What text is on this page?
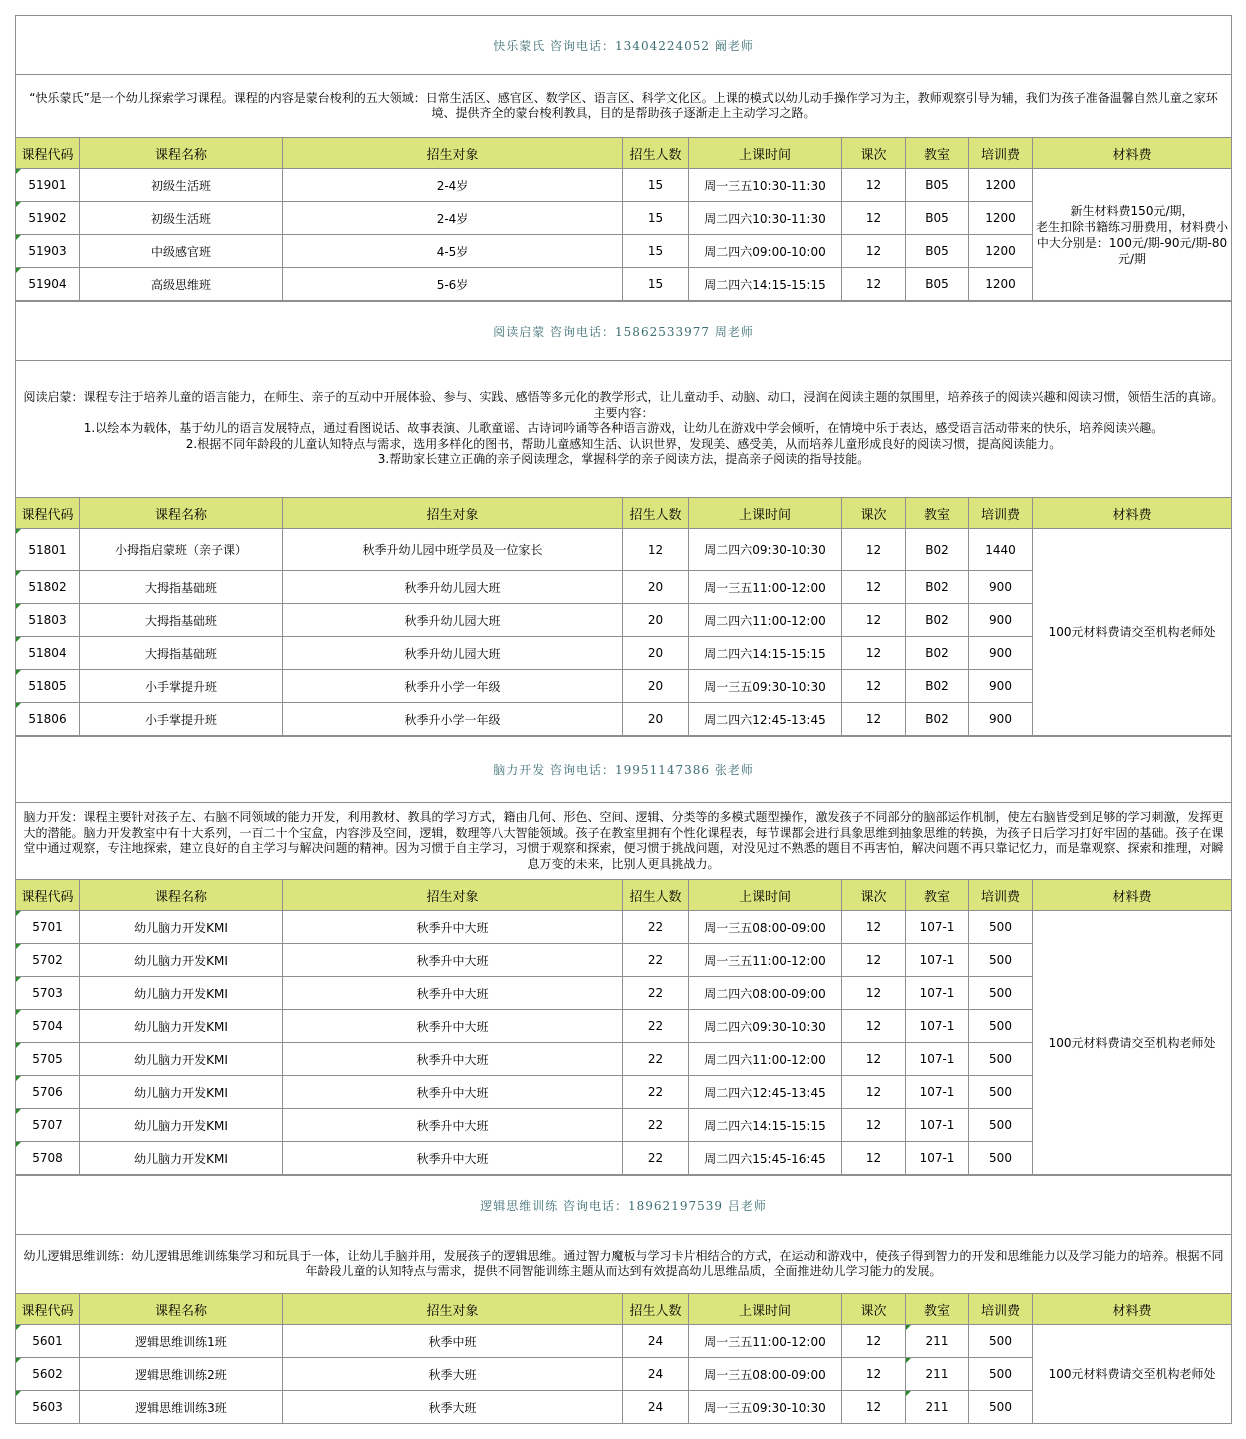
快乐蒙氏 咨询电话：13404224052 阚老师								
“快乐蒙氏”是一个幼儿探索学习课程。课程的内容是蒙台梭利的五大领域：日常生活区、感官区、数学区、语言区、科学文化区。上课的模式以幼儿动手操作学习为主，教师观察引导为辅，我们为孩子准备温馨自然儿童之家环境、提供齐全的蒙台梭利教具，目的是帮助孩子逐渐走上主动学习之路。								
课程代码	课程名称	招生对象	招生人数	上课时间	课次	教室	培训费	材料费
51901	初级生活班	2-4岁	15	周一三五10:30-11:30	12	B05	1200	新生材料费150元/期，
老生扣除书籍练习册费用，材料费小中大分别是：100元/期-90元/期-80元/期
51902	初级生活班	2-4岁	15	周二四六10:30-11:30	12	B05	1200	
51903	中级感官班	4-5岁	15	周二四六09:00-10:00	12	B05	1200	
51904	高级思维班	5-6岁	15	周二四六14:15-15:15	12	B05	1200	
阅读启蒙 咨询电话：15862533977 周老师								
阅读启蒙：课程专注于培养儿童的语言能力，在师生、亲子的互动中开展体验、参与、实践、感悟等多元化的教学形式，让儿童动手、动脑、动口，浸润在阅读主题的氛围里，培养孩子的阅读兴趣和阅读习惯，领悟生活的真谛。
主要内容：
1.以绘本为载体，基于幼儿的语言发展特点，通过看图说话、故事表演、儿歌童谣、古诗词吟诵等各种语言游戏，让幼儿在游戏中学会倾听，在情境中乐于表达，感受语言活动带来的快乐，培养阅读兴趣。
2.根据不同年龄段的儿童认知特点与需求，选用多样化的图书，帮助儿童感知生活、认识世界，发现美、感受美，从而培养儿童形成良好的阅读习惯，提高阅读能力。
3.帮助家长建立正确的亲子阅读理念，掌握科学的亲子阅读方法，提高亲子阅读的指导技能。								
课程代码	课程名称	招生对象	招生人数	上课时间	课次	教室	培训费	材料费
51801	小拇指启蒙班（亲子课）	秋季升幼儿园中班学员及一位家长	12	周二四六09:30-10:30	12	B02	1440	100元材料费请交至机构老师处
51802	大拇指基础班	秋季升幼儿园大班	20	周一三五11:00-12:00	12	B02	900	
51803	大拇指基础班	秋季升幼儿园大班	20	周二四六11:00-12:00	12	B02	900	
51804	大拇指基础班	秋季升幼儿园大班	20	周二四六14:15-15:15	12	B02	900	
51805	小手掌提升班	秋季升小学一年级	20	周一三五09:30-10:30	12	B02	900	
51806	小手掌提升班	秋季升小学一年级	20	周二四六12:45-13:45	12	B02	900	
脑力开发 咨询电话：19951147386 张老师								
脑力开发：课程主要针对孩子左、右脑不同领域的能力开发，利用教材、教具的学习方式，籍由几何、形色、空间、逻辑、分类等的多模式题型操作，激发孩子不同部分的脑部运作机制，使左右脑皆受到足够的学习刺激，发挥更大的潜能。脑力开发教室中有十大系列，一百二十个宝盒，内容涉及空间，逻辑，数理等八大智能领域。孩子在教室里拥有个性化课程表，每节课都会进行具象思维到抽象思维的转换，为孩子日后学习打好牢固的基础。孩子在课堂中通过观察，专注地探索，建立良好的自主学习与解决问题的精神。因为习惯于自主学习，习惯于观察和探索，便习惯于挑战问题，对没见过不熟悉的题目不再害怕，解决问题不再只靠记忆力，而是靠观察、探索和推理，对瞬息万变的未来，比别人更具挑战力。								
课程代码	课程名称	招生对象	招生人数	上课时间	课次	教室	培训费	材料费
5701	幼儿脑力开发KMI	秋季升中大班	22	周一三五08:00-09:00	12	107-1	500	100元材料费请交至机构老师处
5702	幼儿脑力开发KMI	秋季升中大班	22	周一三五11:00-12:00	12	107-1	500	
5703	幼儿脑力开发KMI	秋季升中大班	22	周二四六08:00-09:00	12	107-1	500	
5704	幼儿脑力开发KMI	秋季升中大班	22	周二四六09:30-10:30	12	107-1	500	
5705	幼儿脑力开发KMI	秋季升中大班	22	周二四六11:00-12:00	12	107-1	500	
5706	幼儿脑力开发KMI	秋季升中大班	22	周二四六12:45-13:45	12	107-1	500	
5707	幼儿脑力开发KMI	秋季升中大班	22	周二四六14:15-15:15	12	107-1	500	
5708	幼儿脑力开发KMI	秋季升中大班	22	周二四六15:45-16:45	12	107-1	500	
逻辑思维训练 咨询电话：18962197539 吕老师								
幼儿逻辑思维训练：幼儿逻辑思维训练集学习和玩具于一体，让幼儿手脑并用，发展孩子的逻辑思维。通过智力魔板与学习卡片相结合的方式，在运动和游戏中，使孩子得到智力的开发和思维能力以及学习能力的培养。根据不同年龄段儿童的认知特点与需求，提供不同智能训练主题从而达到有效提高幼儿思维品质，全面推进幼儿学习能力的发展。								
课程代码	课程名称	招生对象	招生人数	上课时间	课次	教室	培训费	材料费
5601	逻辑思维训练1班	秋季中班	24	周一三五11:00-12:00	12	211	500	100元材料费请交至机构老师处
5602	逻辑思维训练2班	秋季大班	24	周一三五08:00-09:00	12	211	500	
5603	逻辑思维训练3班	秋季大班	24	周一三五09:30-10:30	12	211	500	
